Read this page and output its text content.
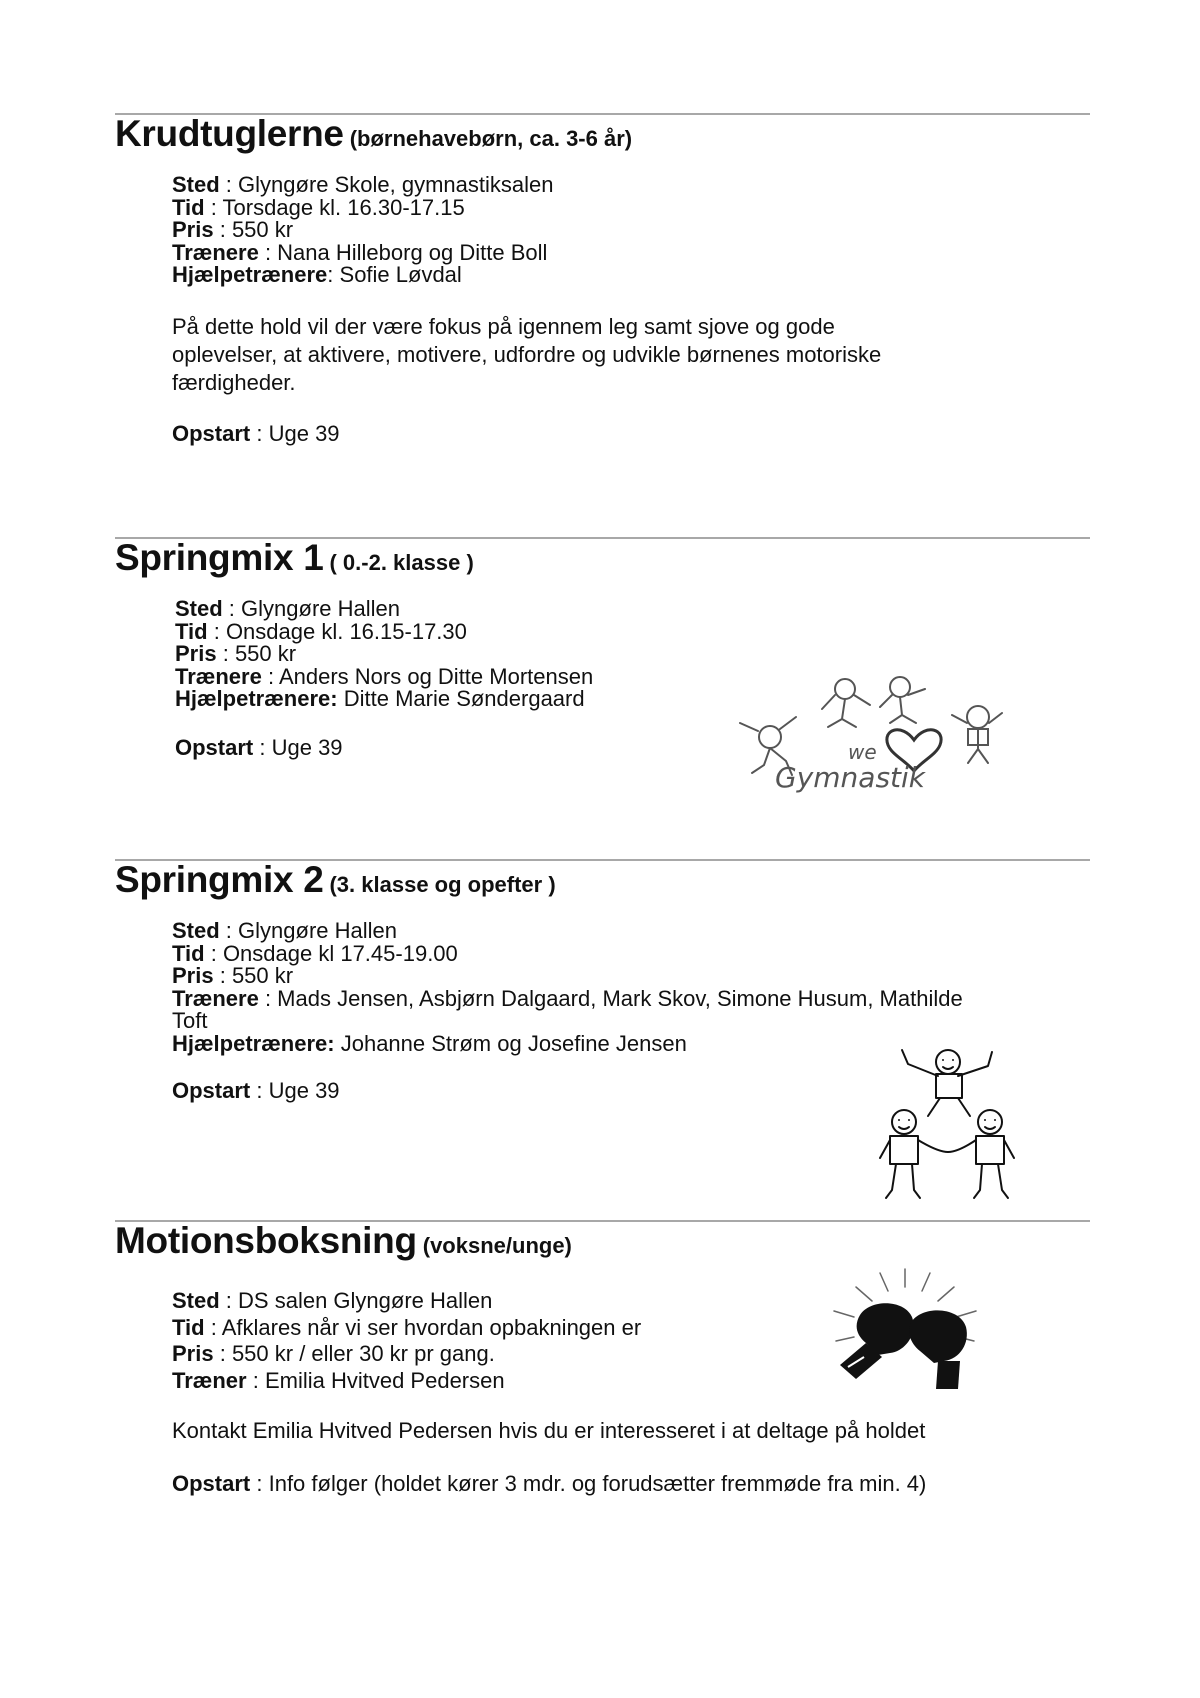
Krudtuglerne (børnehavebørn, ca. 3-6 år)
Sted : Glyngøre Skole, gymnastiksalen
Tid : Torsdage kl. 16.30-17.15
Pris : 550 kr
Trænere : Nana Hilleborg og Ditte Boll
Hjælpetrænere: Sofie Løvdal
På dette hold vil der være fokus på igennem leg samt sjove og gode oplevelser, at aktivere, motivere, udfordre og udvikle børnenes motoriske færdigheder.
Opstart : Uge 39
Springmix 1 ( 0.-2. klasse )
Sted : Glyngøre Hallen
Tid : Onsdage kl. 16.15-17.30
Pris : 550 kr
Trænere : Anders Nors og Ditte Mortensen
Hjælpetrænere: Ditte Marie Søndergaard
Opstart : Uge 39	we
Gymnastik
Springmix 2 (3. klasse og opefter )
Sted : Glyngøre Hallen
Tid : Onsdage kl 17.45-19.00
Pris : 550 kr
Trænere : Mads Jensen, Asbjørn Dalgaard, Mark Skov, Simone Husum, Mathilde
Toft
Hjælpetrænere: Johanne Strøm og Josefine Jensen
Opstart : Uge 39
Motionsboksning (voksne/unge)
Sted : DS salen Glyngøre Hallen
Tid : Afklares når vi ser hvordan opbakningen er
Pris : 550 kr / eller 30 kr pr gang.
Træner : Emilia Hvitved Pedersen
Kontakt Emilia Hvitved Pedersen hvis du er interesseret i at deltage på holdet
Opstart : Info følger (holdet kører 3 mdr. og forudsætter fremmøde fra min. 4)
